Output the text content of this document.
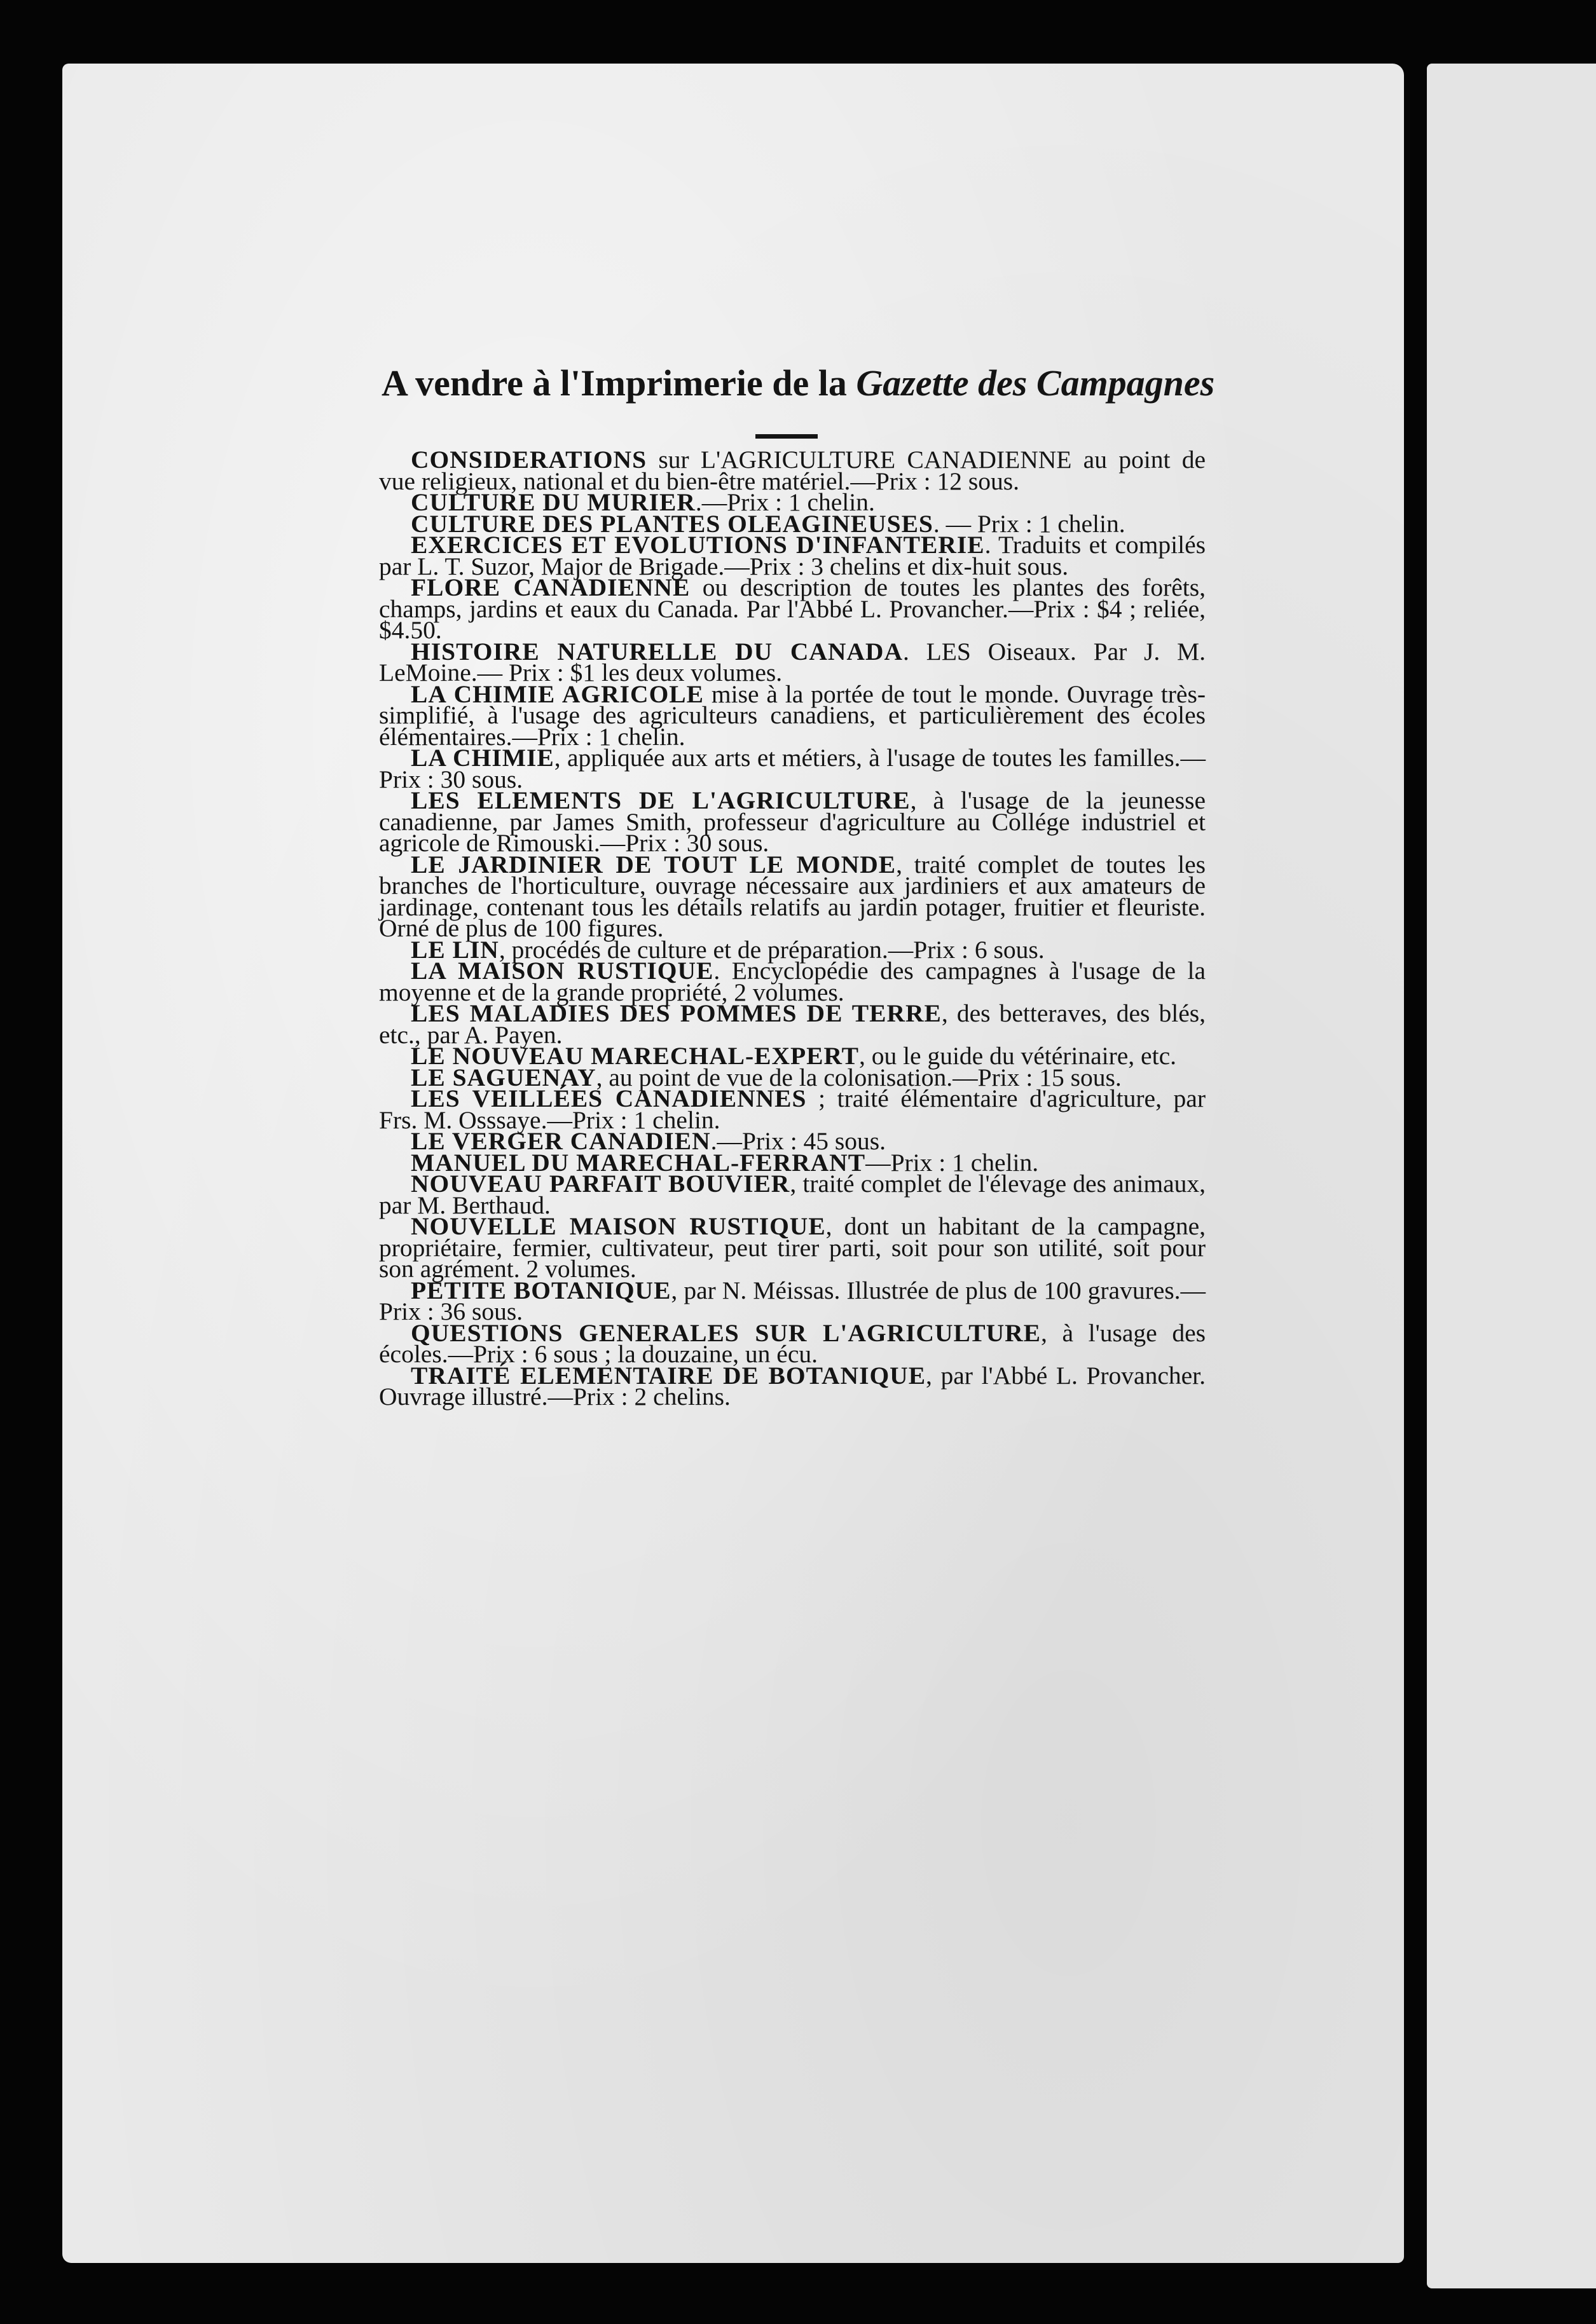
A vendre à l'Imprimerie de la Gazette des Campagnes

CONSIDERATIONS sur L'AGRICULTURE CANADIENNE au point de vue religieux, national et du bien-être matériel.—Prix : 12 sous.

CULTURE DU MURIER.—Prix : 1 chelin.

CULTURE DES PLANTES OLEAGINEUSES. — Prix : 1 chelin.

EXERCICES ET EVOLUTIONS D'INFANTERIE. Traduits et compilés par L. T. Suzor, Major de Brigade.—Prix : 3 chelins et dix-huit sous.

FLORE CANADIENNE ou description de toutes les plantes des forêts, champs, jardins et eaux du Canada. Par l'Abbé L. Provancher.—Prix : $4 ; reliée, $4.50.

HISTOIRE NATURELLE DU CANADA. LES Oiseaux. Par J. M. LeMoine.— Prix : $1 les deux volumes.

LA CHIMIE AGRICOLE mise à la portée de tout le monde. Ouvrage très-simplifié, à l'usage des agriculteurs canadiens, et particulièrement des écoles élémentaires.—Prix : 1 chelin.

LA CHIMIE, appliquée aux arts et métiers, à l'usage de toutes les familles.—Prix : 30 sous.

LES ELEMENTS DE L'AGRICULTURE, à l'usage de la jeunesse canadienne, par James Smith, professeur d'agriculture au Collége industriel et agricole de Rimouski.—Prix : 30 sous.

LE JARDINIER DE TOUT LE MONDE, traité complet de toutes les branches de l'horticulture, ouvrage nécessaire aux jardiniers et aux amateurs de jardinage, contenant tous les détails relatifs au jardin potager, fruitier et fleuriste. Orné de plus de 100 figures.

LE LIN, procédés de culture et de préparation.—Prix : 6 sous.

LA MAISON RUSTIQUE. Encyclopédie des campagnes à l'usage de la moyenne et de la grande propriété, 2 volumes.

LES MALADIES DES POMMES DE TERRE, des betteraves, des blés, etc., par A. Payen.

LE NOUVEAU MARECHAL-EXPERT, ou le guide du vétérinaire, etc.

LE SAGUENAY, au point de vue de la colonisation.—Prix : 15 sous.

LES VEILLÉES CANADIENNES ; traité élémentaire d'agriculture, par Frs. M. Osssaye.—Prix : 1 chelin.

LE VERGER CANADIEN.—Prix : 45 sous.

MANUEL DU MARECHAL-FERRANT—Prix : 1 chelin.

NOUVEAU PARFAIT BOUVIER, traité complet de l'élevage des animaux, par M. Berthaud.

NOUVELLE MAISON RUSTIQUE, dont un habitant de la campagne, propriétaire, fermier, cultivateur, peut tirer parti, soit pour son utilité, soit pour son agrément. 2 volumes.

PETITE BOTANIQUE, par N. Méissas. Illustrée de plus de 100 gravures.—Prix : 36 sous.

QUESTIONS GENERALES SUR L'AGRICULTURE, à l'usage des écoles.—Prix : 6 sous ; la douzaine, un écu.

TRAITÉ ELEMENTAIRE DE BOTANIQUE, par l'Abbé L. Provancher. Ouvrage illustré.—Prix : 2 chelins.
